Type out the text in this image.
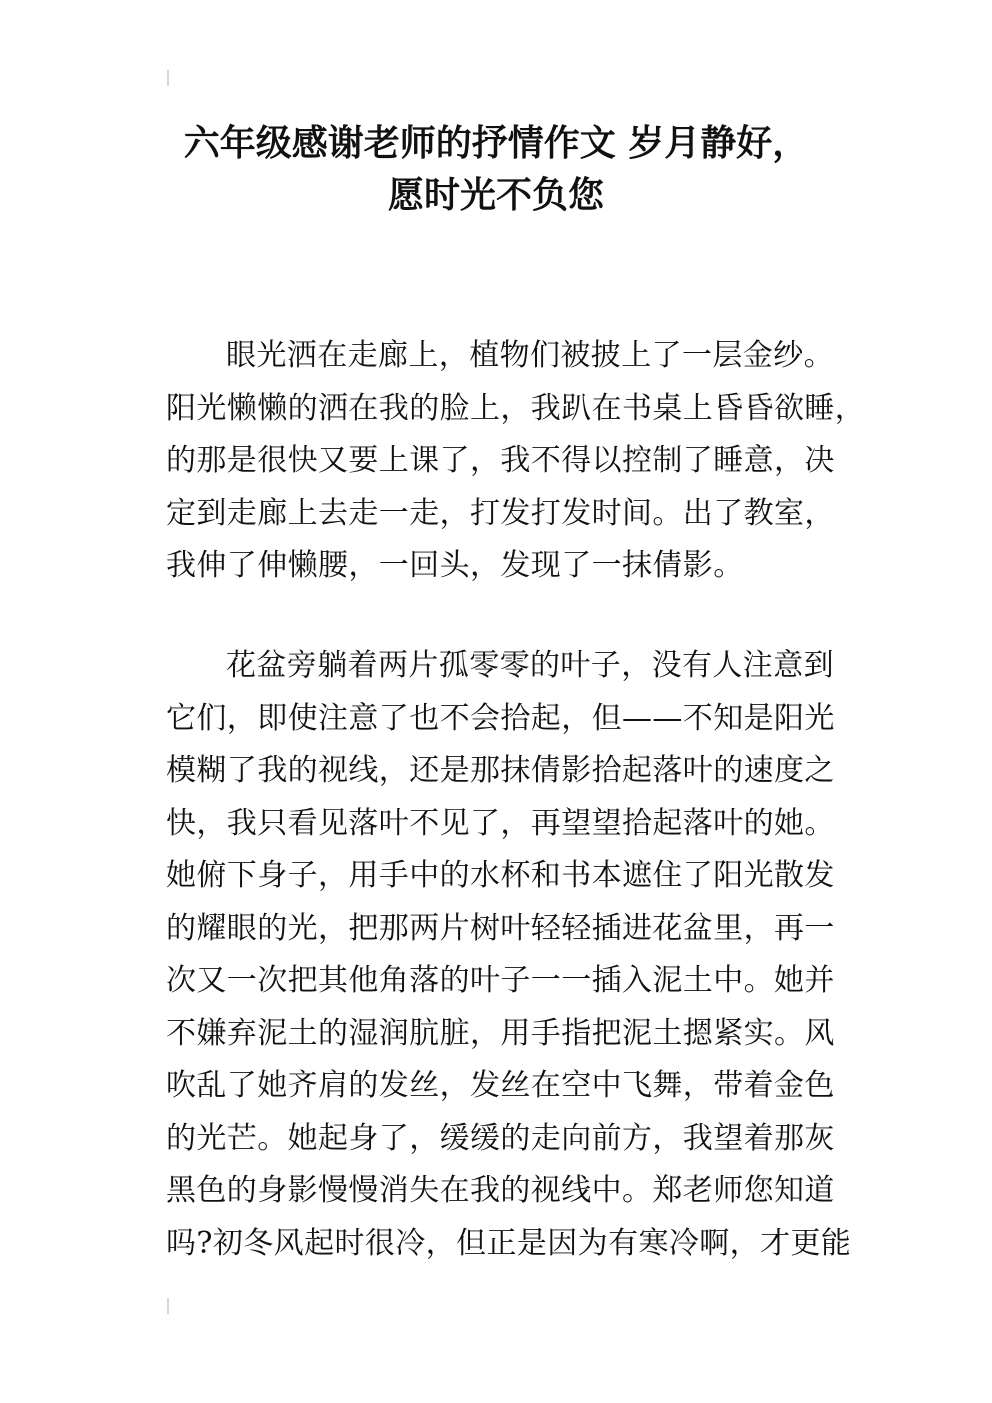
六年级感谢老师的抒情作文 岁月静好，
愿时光不负您
眼光洒在走廊上，植物们被披上了一层金纱。
阳光懒懒的洒在我的脸上，我趴在书桌上昏昏欲睡，
的那是很快又要上课了，我不得以控制了睡意，决
定到走廊上去走一走，打发打发时间。出了教室，
我伸了伸懒腰，一回头，发现了一抹倩影。
花盆旁躺着两片孤零零的叶子，没有人注意到
它们，即使注意了也不会拾起，但——不知是阳光
模糊了我的视线，还是那抹倩影拾起落叶的速度之
快，我只看见落叶不见了，再望望拾起落叶的她。
她俯下身子，用手中的水杯和书本遮住了阳光散发
的耀眼的光，把那两片树叶轻轻插进花盆里，再一
次又一次把其他角落的叶子一一插入泥土中。她并
不嫌弃泥土的湿润肮脏，用手指把泥土摁紧实。风
吹乱了她齐肩的发丝，发丝在空中飞舞，带着金色
的光芒。她起身了，缓缓的走向前方，我望着那灰
黑色的身影慢慢消失在我的视线中。郑老师您知道
吗?初冬风起时很冷，但正是因为有寒冷啊，才更能
